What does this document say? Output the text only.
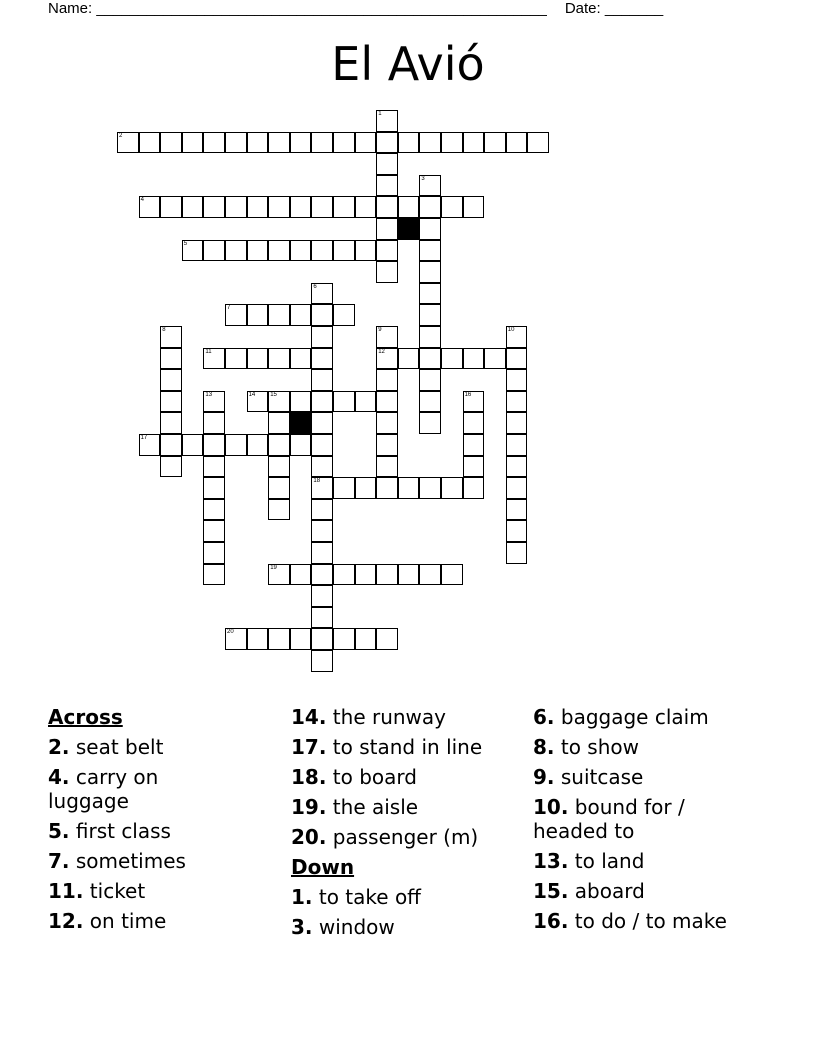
Name: ______________________________________________________ Date: _______
El Avió
2
1
3
4
5
6
18
7
8	9
12
10
11
13	14 15	16
17
19
20
Across
2. seat belt
4. carry on luggage
5. first class
7. sometimes
11. ticket
12. on time
14. the runway
17. to stand in line
18. to board
19. the aisle
20. passenger (m)
Down
1. to take off
3. window
6. baggage claim
8. to show
9. suitcase
10. bound for / headed to
13. to land
15. aboard
16. to do / to make
